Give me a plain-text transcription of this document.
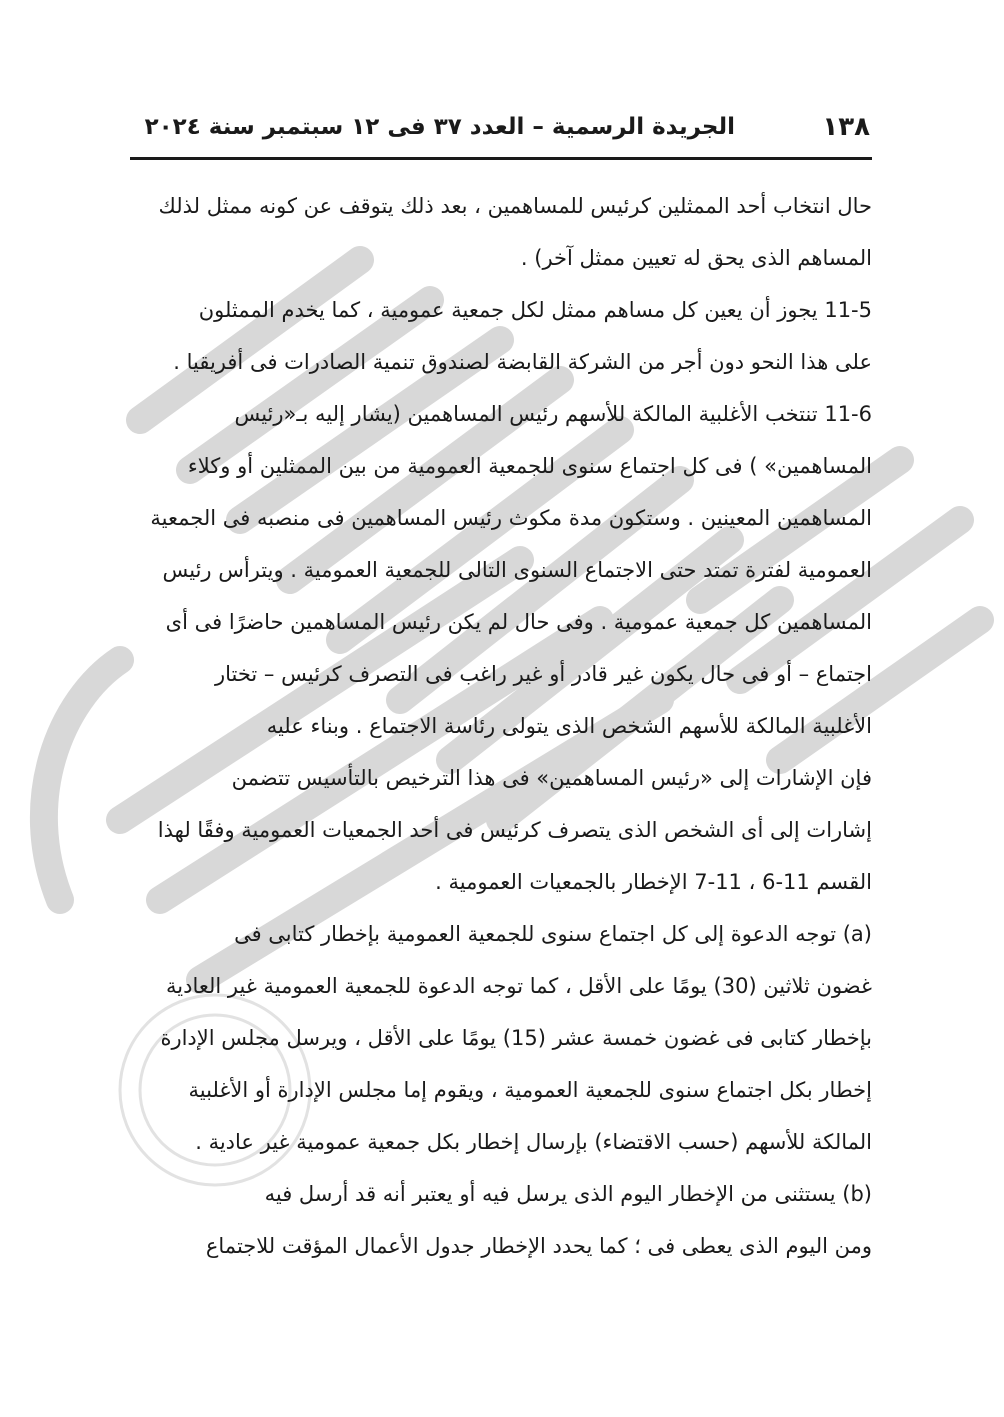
١٣٨
الجريدة الرسمية – العدد ٣٧ فى ١٢ سبتمبر سنة ٢٠٢٤
حال انتخاب أحد الممثلين كرئيس للمساهمين ، بعد ذلك يتوقف عن كونه ممثل لذلك
المساهم الذى يحق له تعيين ممثل آخر) .
11-5 يجوز أن يعين كل مساهم ممثل لكل جمعية عمومية ، كما يخدم الممثلون
على هذا النحو دون أجر من الشركة القابضة لصندوق تنمية الصادرات فى أفريقيا .
11-6 تنتخب الأغلبية المالكة للأسهم رئيس المساهمين (يشار إليه بـ«رئيس
المساهمين» ) فى كل اجتماع سنوى للجمعية العمومية من بين الممثلين أو وكلاء
المساهمين المعينين . وستكون مدة مكوث رئيس المساهمين فى منصبه فى الجمعية
العمومية لفترة تمتد حتى الاجتماع السنوى التالى للجمعية العمومية . ويترأس رئيس
المساهمين كل جمعية عمومية . وفى حال لم يكن رئيس المساهمين حاضرًا فى أى
اجتماع – أو فى حال يكون غير قادر أو غير راغب فى التصرف كرئيس – تختار
الأغلبية المالكة للأسهم الشخص الذى يتولى رئاسة الاجتماع . وبناء عليه
فإن الإشارات إلى «رئيس المساهمين» فى هذا الترخيص بالتأسيس تتضمن
إشارات إلى أى الشخص الذى يتصرف كرئيس فى أحد الجمعيات العمومية وفقًا لهذا
القسم 11-6 ، 11-7 الإخطار بالجمعيات العمومية .
(a) توجه الدعوة إلى كل اجتماع سنوى للجمعية العمومية بإخطار كتابى فى
غضون ثلاثين (30) يومًا على الأقل ، كما توجه الدعوة للجمعية العمومية غير العادية
بإخطار كتابى فى غضون خمسة عشر (15) يومًا على الأقل ، ويرسل مجلس الإدارة
إخطار بكل اجتماع سنوى للجمعية العمومية ، ويقوم إما مجلس الإدارة أو الأغلبية
المالكة للأسهم (حسب الاقتضاء) بإرسال إخطار بكل جمعية عمومية غير عادية .
(b) يستثنى من الإخطار اليوم الذى يرسل فيه أو يعتبر أنه قد أرسل فيه
ومن اليوم الذى يعطى فى ؛ كما يحدد الإخطار جدول الأعمال المؤقت للاجتماع
